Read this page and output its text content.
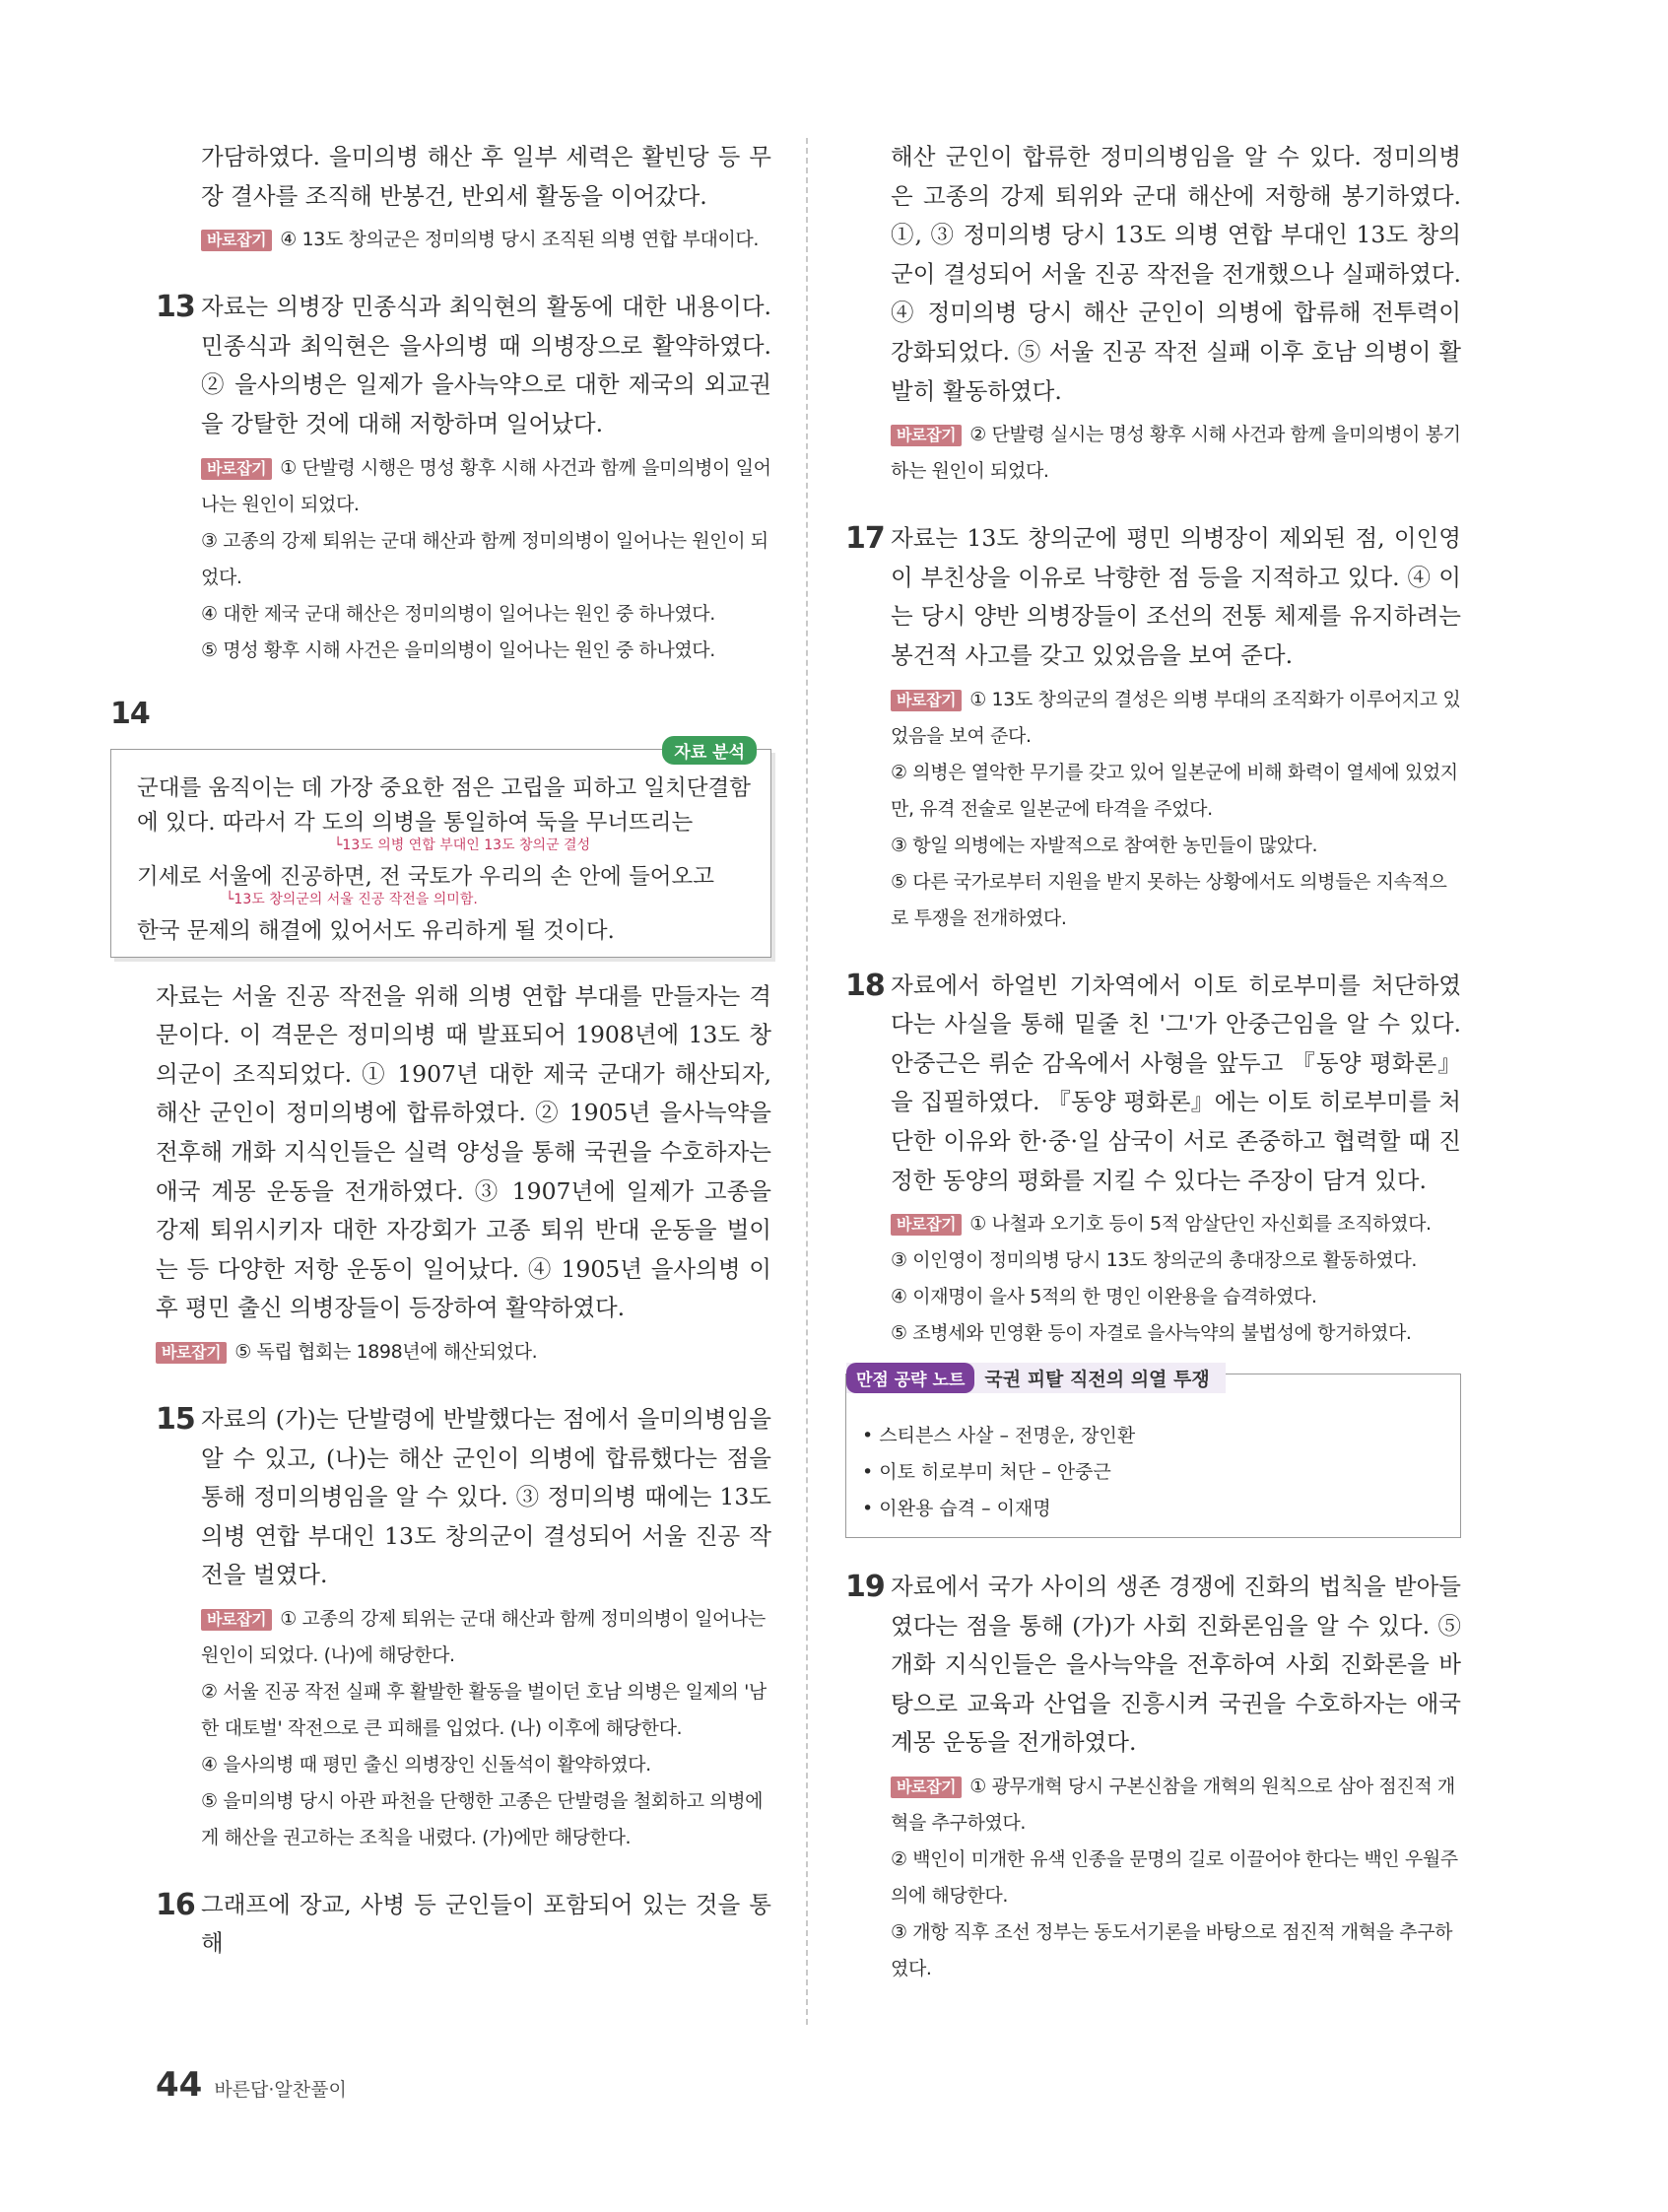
가담하였다. 을미의병 해산 후 일부 세력은 활빈당 등 무장 결사를 조직해 반봉건, 반외세 활동을 이어갔다.

바로잡기 ④ 13도 창의군은 정미의병 당시 조직된 의병 연합 부대이다.

13 자료는 의병장 민종식과 최익현의 활동에 대한 내용이다. 민종식과 최익현은 을사의병 때 의병장으로 활약하였다. ② 을사의병은 일제가 을사늑약으로 대한 제국의 외교권을 강탈한 것에 대해 저항하며 일어났다.

바로잡기 ① 단발령 시행은 명성 황후 시해 사건과 함께 을미의병이 일어나는 원인이 되었다.

③ 고종의 강제 퇴위는 군대 해산과 함께 정미의병이 일어나는 원인이 되었다.

④ 대한 제국 군대 해산은 정미의병이 일어나는 원인 중 하나였다.

⑤ 명성 황후 시해 사건은 을미의병이 일어나는 원인 중 하나였다.

14
자료 분석

군대를 움직이는 데 가장 중요한 점은 고립을 피하고 일치단결함에 있다. 따라서 각 도의 의병을 통일하여 둑을 무너뜨리는

└13도 의병 연합 부대인 13도 창의군 결성

기세로 서울에 진공하면, 전 국토가 우리의 손 안에 들어오고

└13도 창의군의 서울 진공 작전을 의미함.

한국 문제의 해결에 있어서도 유리하게 될 것이다.

자료는 서울 진공 작전을 위해 의병 연합 부대를 만들자는 격문이다. 이 격문은 정미의병 때 발표되어 1908년에 13도 창의군이 조직되었다. ① 1907년 대한 제국 군대가 해산되자, 해산 군인이 정미의병에 합류하였다. ② 1905년 을사늑약을 전후해 개화 지식인들은 실력 양성을 통해 국권을 수호하자는 애국 계몽 운동을 전개하였다. ③ 1907년에 일제가 고종을 강제 퇴위시키자 대한 자강회가 고종 퇴위 반대 운동을 벌이는 등 다양한 저항 운동이 일어났다. ④ 1905년 을사의병 이후 평민 출신 의병장들이 등장하여 활약하였다.

바로잡기 ⑤ 독립 협회는 1898년에 해산되었다.

15 자료의 (가)는 단발령에 반발했다는 점에서 을미의병임을 알 수 있고, (나)는 해산 군인이 의병에 합류했다는 점을 통해 정미의병임을 알 수 있다. ③ 정미의병 때에는 13도 의병 연합 부대인 13도 창의군이 결성되어 서울 진공 작전을 벌였다.

바로잡기 ① 고종의 강제 퇴위는 군대 해산과 함께 정미의병이 일어나는 원인이 되었다. (나)에 해당한다.

② 서울 진공 작전 실패 후 활발한 활동을 벌이던 호남 의병은 일제의 '남한 대토벌' 작전으로 큰 피해를 입었다. (나) 이후에 해당한다.

④ 을사의병 때 평민 출신 의병장인 신돌석이 활약하였다.

⑤ 을미의병 당시 아관 파천을 단행한 고종은 단발령을 철회하고 의병에게 해산을 권고하는 조칙을 내렸다. (가)에만 해당한다.

16 그래프에 장교, 사병 등 군인들이 포함되어 있는 것을 통해

해산 군인이 합류한 정미의병임을 알 수 있다. 정미의병은 고종의 강제 퇴위와 군대 해산에 저항해 봉기하였다. ①, ③ 정미의병 당시 13도 의병 연합 부대인 13도 창의군이 결성되어 서울 진공 작전을 전개했으나 실패하였다. ④ 정미의병 당시 해산 군인이 의병에 합류해 전투력이 강화되었다. ⑤ 서울 진공 작전 실패 이후 호남 의병이 활발히 활동하였다.

바로잡기 ② 단발령 실시는 명성 황후 시해 사건과 함께 을미의병이 봉기하는 원인이 되었다.

17 자료는 13도 창의군에 평민 의병장이 제외된 점, 이인영이 부친상을 이유로 낙향한 점 등을 지적하고 있다. ④ 이는 당시 양반 의병장들이 조선의 전통 체제를 유지하려는 봉건적 사고를 갖고 있었음을 보여 준다.

바로잡기 ① 13도 창의군의 결성은 의병 부대의 조직화가 이루어지고 있었음을 보여 준다.

② 의병은 열악한 무기를 갖고 있어 일본군에 비해 화력이 열세에 있었지만, 유격 전술로 일본군에 타격을 주었다.

③ 항일 의병에는 자발적으로 참여한 농민들이 많았다.

⑤ 다른 국가로부터 지원을 받지 못하는 상황에서도 의병들은 지속적으로 투쟁을 전개하였다.

18 자료에서 하얼빈 기차역에서 이토 히로부미를 처단하였다는 사실을 통해 밑줄 친 '그'가 안중근임을 알 수 있다. 안중근은 뤼순 감옥에서 사형을 앞두고 『동양 평화론』을 집필하였다. 『동양 평화론』에는 이토 히로부미를 처단한 이유와 한·중·일 삼국이 서로 존중하고 협력할 때 진정한 동양의 평화를 지킬 수 있다는 주장이 담겨 있다.

바로잡기 ① 나철과 오기호 등이 5적 암살단인 자신회를 조직하였다.

③ 이인영이 정미의병 당시 13도 창의군의 총대장으로 활동하였다.

④ 이재명이 을사 5적의 한 명인 이완용을 습격하였다.

⑤ 조병세와 민영환 등이 자결로 을사늑약의 불법성에 항거하였다.

만점 공략 노트	국권 피탈 직전의 의열 투쟁
• 스티븐스 사살 – 전명운, 장인환
• 이토 히로부미 처단 – 안중근
• 이완용 습격 – 이재명
19 자료에서 국가 사이의 생존 경쟁에 진화의 법칙을 받아들였다는 점을 통해 (가)가 사회 진화론임을 알 수 있다. ⑤ 개화 지식인들은 을사늑약을 전후하여 사회 진화론을 바탕으로 교육과 산업을 진흥시켜 국권을 수호하자는 애국 계몽 운동을 전개하였다.

바로잡기 ① 광무개혁 당시 구본신참을 개혁의 원칙으로 삼아 점진적 개혁을 추구하였다.

② 백인이 미개한 유색 인종을 문명의 길로 이끌어야 한다는 백인 우월주의에 해당한다.

③ 개항 직후 조선 정부는 동도서기론을 바탕으로 점진적 개혁을 추구하였다.

44 바른답·알찬풀이
